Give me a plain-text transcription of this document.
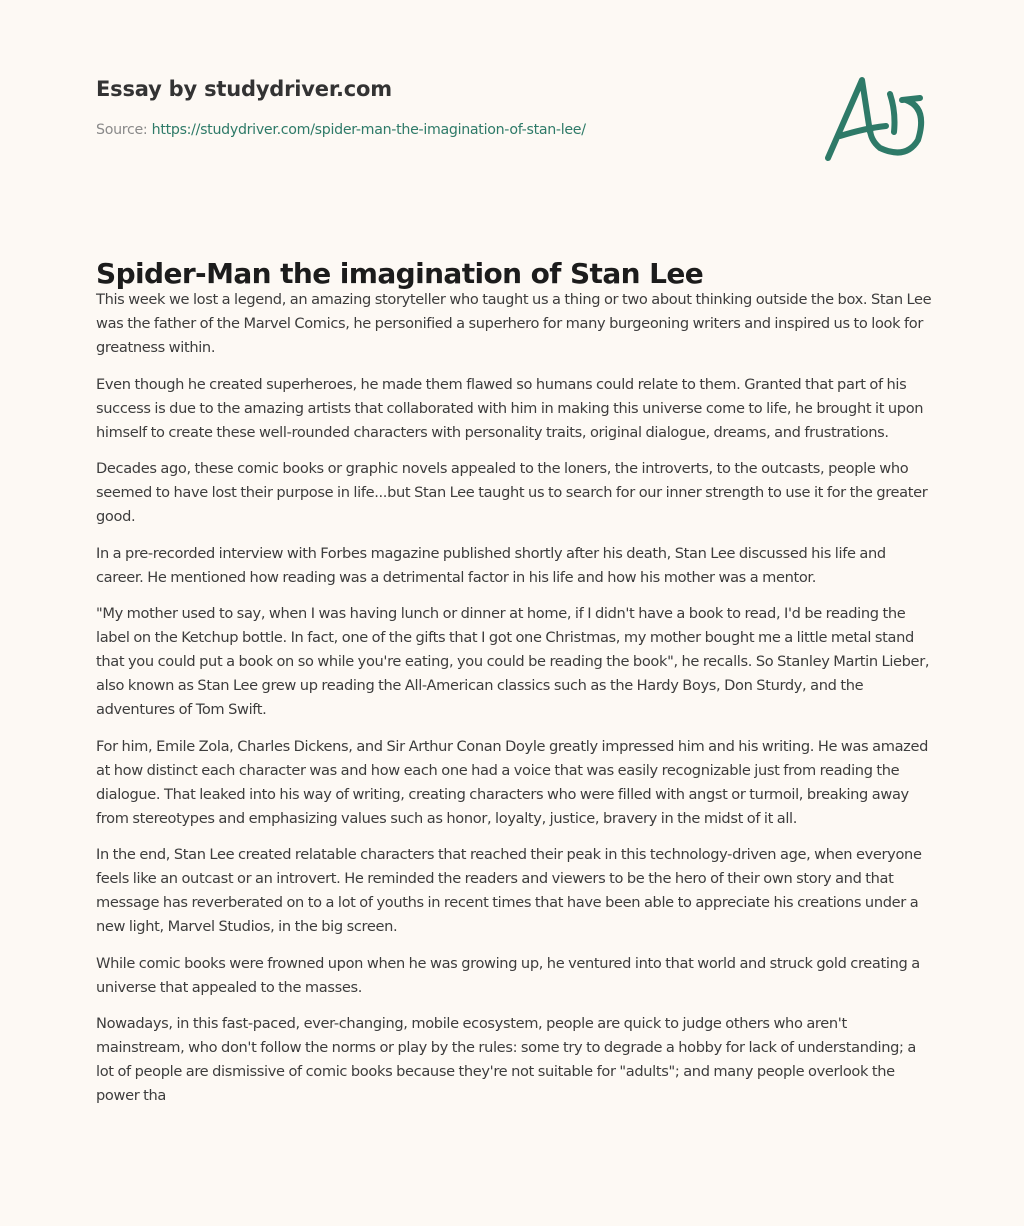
Essay by studydriver.com
Source: https://studydriver.com/spider-man-the-imagination-of-stan-lee/
Spider-Man the imagination of Stan Lee

This week we lost a legend, an amazing storyteller who taught us a thing or two about thinking outside the box. Stan Lee was the father of the Marvel Comics, he personified a superhero for many burgeoning writers and inspired us to look for greatness within.

Even though he created superheroes, he made them flawed so humans could relate to them. Granted that part of his success is due to the amazing artists that collaborated with him in making this universe come to life, he brought it upon himself to create these well-rounded characters with personality traits, original dialogue, dreams, and frustrations.

Decades ago, these comic books or graphic novels appealed to the loners, the introverts, to the outcasts, people who seemed to have lost their purpose in life...but Stan Lee taught us to search for our inner strength to use it for the greater good.

In a pre-recorded interview with Forbes magazine published shortly after his death, Stan Lee discussed his life and career. He mentioned how reading was a detrimental factor in his life and how his mother was a mentor.

"My mother used to say, when I was having lunch or dinner at home, if I didn't have a book to read, I'd be reading the label on the Ketchup bottle. In fact, one of the gifts that I got one Christmas, my mother bought me a little metal stand that you could put a book on so while you're eating, you could be reading the book", he recalls. So Stanley Martin Lieber, also known as Stan Lee grew up reading the All-American classics such as the Hardy Boys, Don Sturdy, and the adventures of Tom Swift.

For him, Emile Zola, Charles Dickens, and Sir Arthur Conan Doyle greatly impressed him and his writing. He was amazed at how distinct each character was and how each one had a voice that was easily recognizable just from reading the dialogue. That leaked into his way of writing, creating characters who were filled with angst or turmoil, breaking away from stereotypes and emphasizing values such as honor, loyalty, justice, bravery in the midst of it all.

In the end, Stan Lee created relatable characters that reached their peak in this technology-driven age, when everyone feels like an outcast or an introvert. He reminded the readers and viewers to be the hero of their own story and that message has reverberated on to a lot of youths in recent times that have been able to appreciate his creations under a new light, Marvel Studios, in the big screen.

While comic books were frowned upon when he was growing up, he ventured into that world and struck gold creating a universe that appealed to the masses.

Nowadays, in this fast-paced, ever-changing, mobile ecosystem, people are quick to judge others who aren't mainstream, who don't follow the norms or play by the rules: some try to degrade a hobby for lack of understanding; a lot of people are dismissive of comic books because they're not suitable for "adults"; and many people overlook the power tha
